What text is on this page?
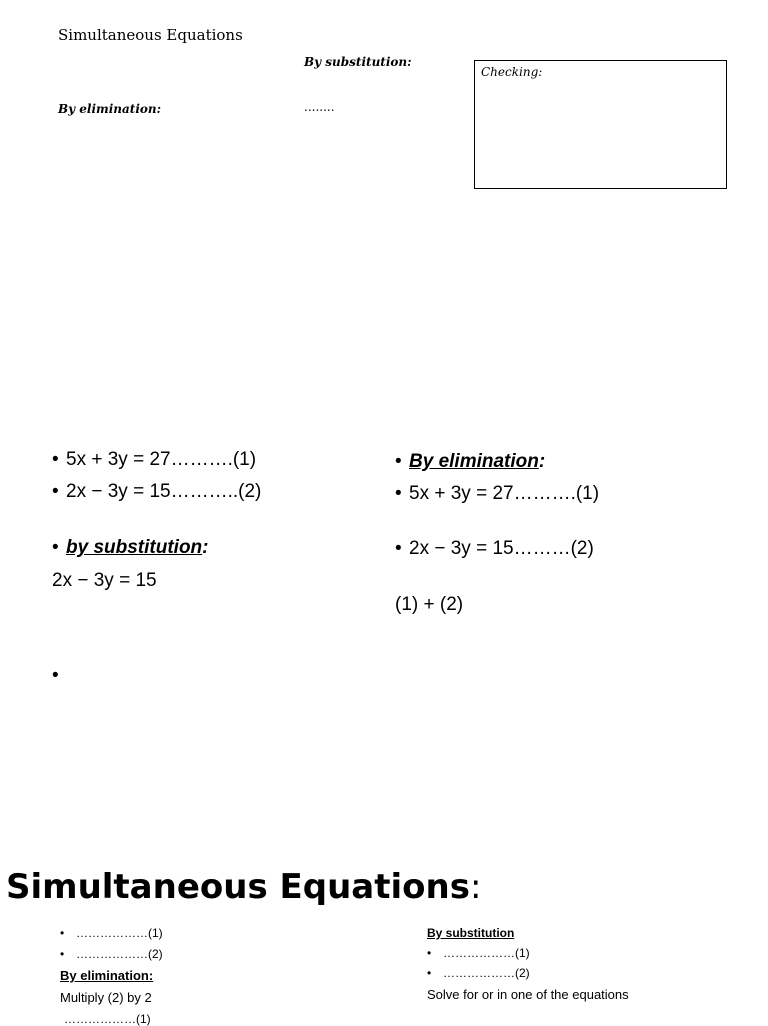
Simultaneous Equations
By substitution:
By elimination:	........
Checking:
• 5x + 3y = 27……….(1)
• 2x − 3y = 15………..(2)
• by substitution:
2x − 3y = 15
•
• By elimination:
• 5x + 3y = 27……….(1)
• 2x − 3y = 15………(2)
(1) + (2)
Simultaneous Equations:
• ………………(1)
• ………………(2)
By elimination:
Multiply (2) by 2
………………(1)
By substitution
• ………………(1)
• ………………(2)
Solve for or in one of the equations
